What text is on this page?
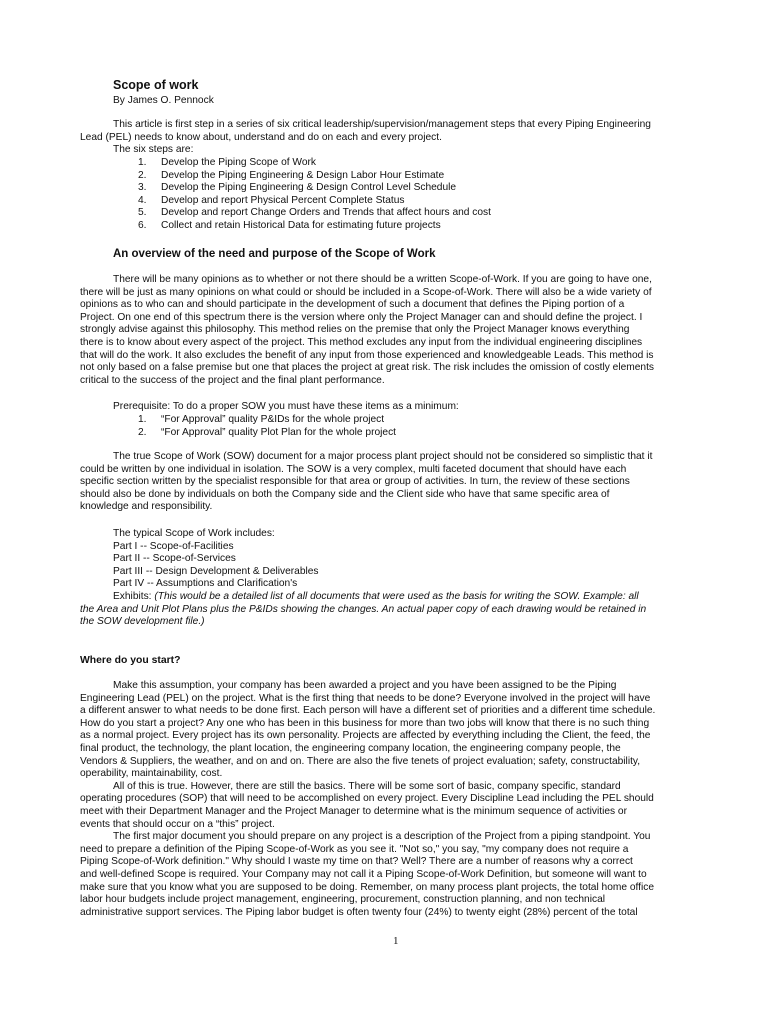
Scope of work
By James O. Pennock
This article is first step in a series of six critical leadership/supervision/management steps that every Piping Engineering
Lead (PEL) needs to know about, understand and do on each and every project.
The six steps are:
1.	Develop the Piping Scope of Work
2.	Develop the Piping Engineering & Design Labor Hour Estimate
3.	Develop the Piping Engineering & Design Control Level Schedule
4.	Develop and report Physical Percent Complete Status
5.	Develop and report Change Orders and Trends that affect hours and cost
6.	Collect and retain Historical Data for estimating future projects
An overview of the need and purpose of the Scope of Work
There will be many opinions as to whether or not there should be a written Scope-of-Work. If you are going to have one,
there will be just as many opinions on what could or should be included in a Scope-of-Work. There will also be a wide variety of
opinions as to who can and should participate in the development of such a document that defines the Piping portion of a
Project. On one end of this spectrum there is the version where only the Project Manager can and should define the project. I
strongly advise against this philosophy. This method relies on the premise that only the Project Manager knows everything
there is to know about every aspect of the project. This method excludes any input from the individual engineering disciplines
that will do the work. It also excludes the benefit of any input from those experienced and knowledgeable Leads. This method is
not only based on a false premise but one that places the project at great risk. The risk includes the omission of costly elements
critical to the success of the project and the final plant performance.
Prerequisite: To do a proper SOW you must have these items as a minimum:
1.	“For Approval” quality P&IDs for the whole project
2.	“For Approval” quality Plot Plan for the whole project
The true Scope of Work (SOW) document for a major process plant project should not be considered so simplistic that it
could be written by one individual in isolation. The SOW is a very complex, multi faceted document that should have each
specific section written by the specialist responsible for that area or group of activities. In turn, the review of these sections
should also be done by individuals on both the Company side and the Client side who have that same specific area of
knowledge and responsibility.
The typical Scope of Work includes:
Part I -- Scope-of-Facilities
Part II -- Scope-of-Services
Part III -- Design Development & Deliverables
Part IV -- Assumptions and Clarification's
Exhibits: (This would be a detailed list of all documents that were used as the basis for writing the SOW. Example: all
the Area and Unit Plot Plans plus the P&IDs showing the changes. An actual paper copy of each drawing would be retained in
the SOW development file.)
Where do you start?
Make this assumption, your company has been awarded a project and you have been assigned to be the Piping
Engineering Lead (PEL) on the project. What is the first thing that needs to be done? Everyone involved in the project will have
a different answer to what needs to be done first. Each person will have a different set of priorities and a different time schedule.
How do you start a project? Any one who has been in this business for more than two jobs will know that there is no such thing
as a normal project. Every project has its own personality. Projects are affected by everything including the Client, the feed, the
final product, the technology, the plant location, the engineering company location, the engineering company people, the
Vendors & Suppliers, the weather, and on and on. There are also the five tenets of project evaluation; safety, constructability,
operability, maintainability, cost.
All of this is true. However, there are still the basics. There will be some sort of basic, company specific, standard
operating procedures (SOP) that will need to be accomplished on every project. Every Discipline Lead including the PEL should
meet with their Department Manager and the Project Manager to determine what is the minimum sequence of activities or
events that should occur on a “this” project.
The first major document you should prepare on any project is a description of the Project from a piping standpoint. You
need to prepare a definition of the Piping Scope-of-Work as you see it. "Not so," you say, "my company does not require a
Piping Scope-of-Work definition." Why should I waste my time on that? Well? There are a number of reasons why a correct
and well-defined Scope is required. Your Company may not call it a Piping Scope-of-Work Definition, but someone will want to
make sure that you know what you are supposed to be doing. Remember, on many process plant projects, the total home office
labor hour budgets include project management, engineering, procurement, construction planning, and non technical
administrative support services. The Piping labor budget is often twenty four (24%) to twenty eight (28%) percent of the total
1
